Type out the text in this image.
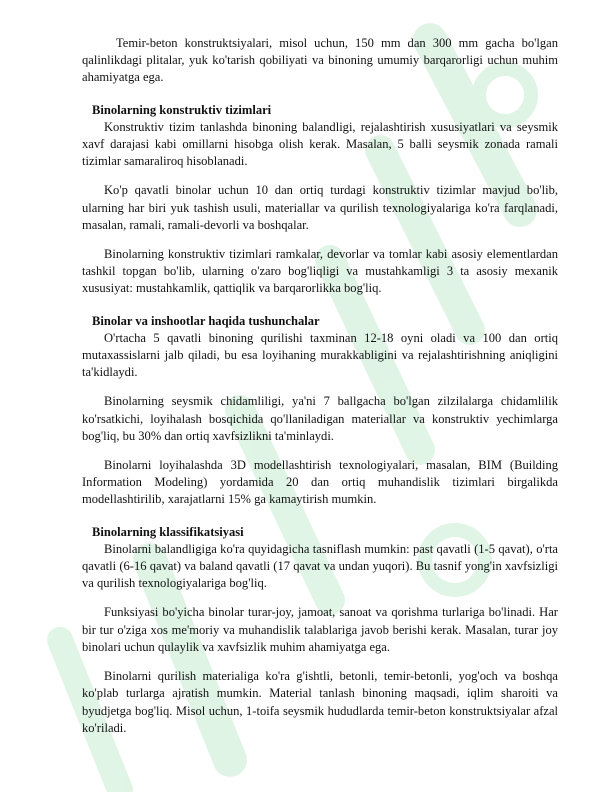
Temir-beton konstruktsiyalari, misol uchun, 150 mm dan 300 mm gacha bo'lgan qalinlikdagi plitalar, yuk ko'tarish qobiliyati va binoning umumiy barqarorligi uchun muhim ahamiyatga ega.

Binolarning konstruktiv tizimlari

Konstruktiv tizim tanlashda binoning balandligi, rejalashtirish xususiyatlari va seysmik xavf darajasi kabi omillarni hisobga olish kerak. Masalan, 5 balli seysmik zonada ramali tizimlar samaraliroq hisoblanadi.

Ko'p qavatli binolar uchun 10 dan ortiq turdagi konstruktiv tizimlar mavjud bo'lib, ularning har biri yuk tashish usuli, materiallar va qurilish texnologiyalariga ko'ra farqlanadi, masalan, ramali, ramali-devorli va boshqalar.

Binolarning konstruktiv tizimlari ramkalar, devorlar va tomlar kabi asosiy elementlardan tashkil topgan bo'lib, ularning o'zaro bog'liqligi va mustahkamligi 3 ta asosiy mexanik xususiyat: mustahkamlik, qattiqlik va barqarorlikka bog'liq.

Binolar va inshootlar haqida tushunchalar

O'rtacha 5 qavatli binoning qurilishi taxminan 12-18 oyni oladi va 100 dan ortiq mutaxassislarni jalb qiladi, bu esa loyihaning murakkabligini va rejalashtirishning aniqligini ta'kidlaydi.

Binolarning seysmik chidamliligi, ya'ni 7 ballgacha bo'lgan zilzilalarga chidamlilik ko'rsatkichi, loyihalash bosqichida qo'llaniladigan materiallar va konstruktiv yechimlarga bog'liq, bu 30% dan ortiq xavfsizlikni ta'minlaydi.

Binolarni loyihalashda 3D modellashtirish texnologiyalari, masalan, BIM (Building Information Modeling) yordamida 20 dan ortiq muhandislik tizimlari birgalikda modellashtirilib, xarajatlarni 15% ga kamaytirish mumkin.

Binolarning klassifikatsiyasi

Binolarni balandligiga ko'ra quyidagicha tasniflash mumkin: past qavatli (1-5 qavat), o'rta qavatli (6-16 qavat) va baland qavatli (17 qavat va undan yuqori). Bu tasnif yong'in xavfsizligi va qurilish texnologiyalariga bog'liq.

Funksiyasi bo'yicha binolar turar-joy, jamoat, sanoat va qorishma turlariga bo'linadi. Har bir tur o'ziga xos me'moriy va muhandislik talablariga javob berishi kerak. Masalan, turar joy binolari uchun qulaylik va xavfsizlik muhim ahamiyatga ega.

Binolarni qurilish materialiga ko'ra g'ishtli, betonli, temir-betonli, yog'och va boshqa ko'plab turlarga ajratish mumkin. Material tanlash binoning maqsadi, iqlim sharoiti va byudjetga bog'liq. Misol uchun, 1-toifa seysmik hududlarda temir-beton konstruktsiyalar afzal ko'riladi.
